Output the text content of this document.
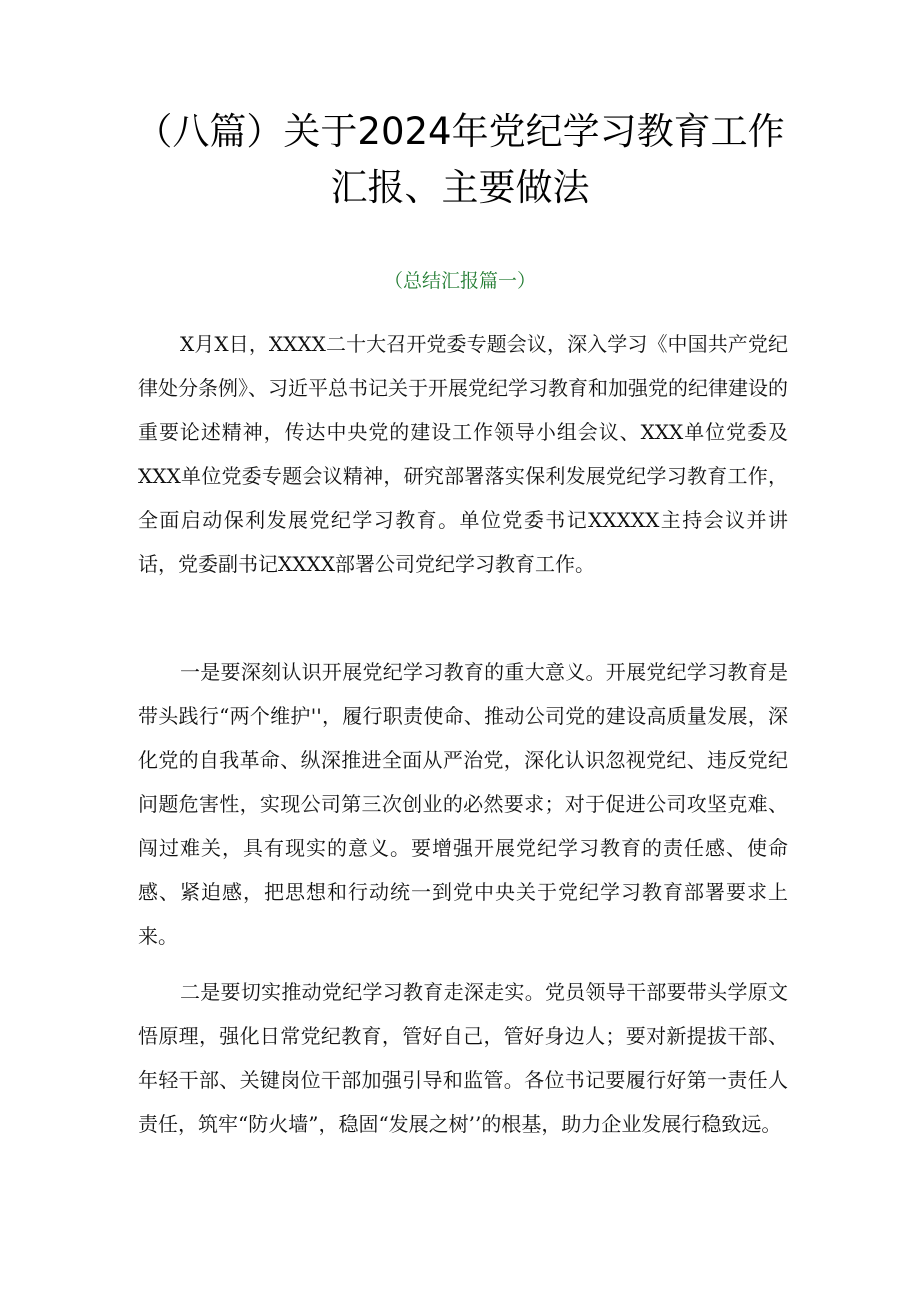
（八篇）关于2024年党纪学习教育工作汇报、主要做法

（总结汇报篇一）

X月X日，XXXX二十大召开党委专题会议，深入学习《中国共产党纪律处分条例》、习近平总书记关于开展党纪学习教育和加强党的纪律建设的重要论述精神，传达中央党的建设工作领导小组会议、XXX单位党委及XXX单位党委专题会议精神，研究部署落实保利发展党纪学习教育工作，全面启动保利发展党纪学习教育。单位党委书记XXXXX主持会议并讲话，党委副书记XXXX部署公司党纪学习教育工作。

一是要深刻认识开展党纪学习教育的重大意义。开展党纪学习教育是带头践行“两个维护''，履行职责使命、推动公司党的建设高质量发展，深化党的自我革命、纵深推进全面从严治党，深化认识忽视党纪、违反党纪问题危害性，实现公司第三次创业的必然要求；对于促进公司攻坚克难、闯过难关，具有现实的意义。要增强开展党纪学习教育的责任感、使命感、紧迫感，把思想和行动统一到党中央关于党纪学习教育部署要求上来。

二是要切实推动党纪学习教育走深走实。党员领导干部要带头学原文悟原理，强化日常党纪教育，管好自己，管好身边人；要对新提拔干部、年轻干部、关键岗位干部加强引导和监管。各位书记要履行好第一责任人责任，筑牢“防火墙”，稳固“发展之树’’的根基，助力企业发展行稳致远。
